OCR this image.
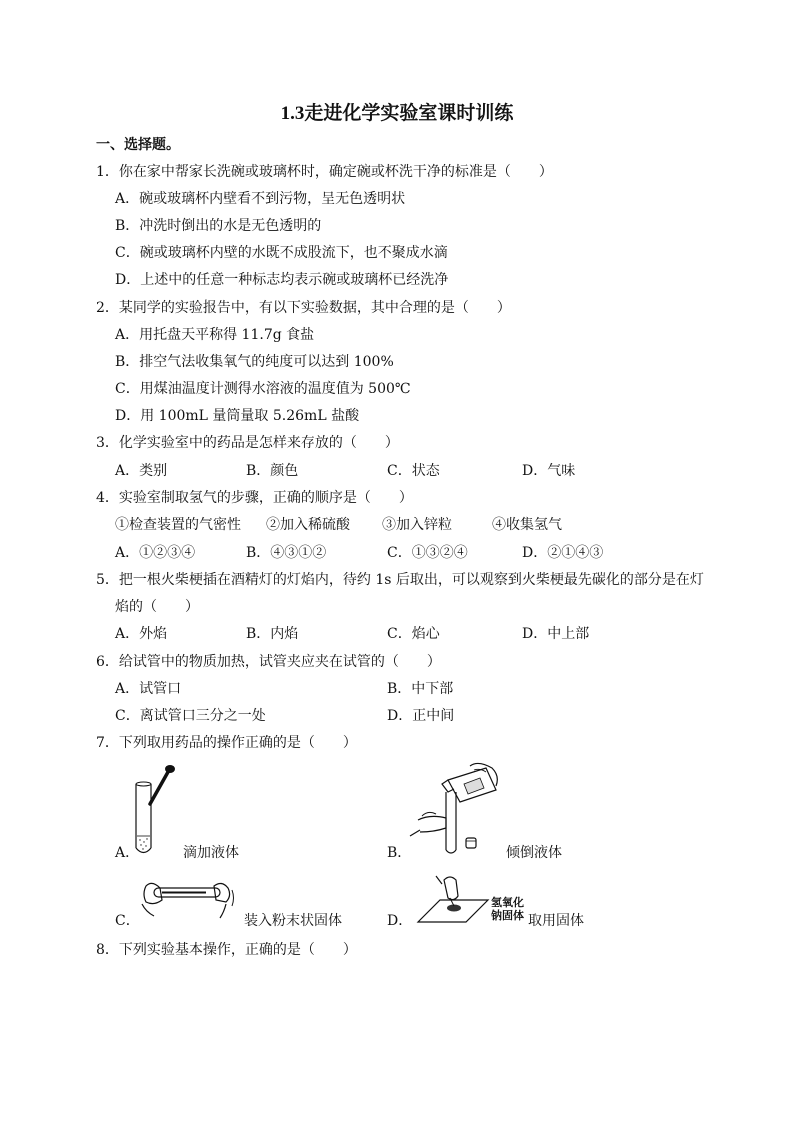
1.3走进化学实验室课时训练
一、选择题。
1．你在家中帮家长洗碗或玻璃杯时，确定碗或杯洗干净的标准是（　　）
A．碗或玻璃杯内壁看不到污物，呈无色透明状
B．冲洗时倒出的水是无色透明的
C．碗或玻璃杯内壁的水既不成股流下，也不聚成水滴
D．上述中的任意一种标志均表示碗或玻璃杯已经洗净
2．某同学的实验报告中，有以下实验数据，其中合理的是（　　）
A．用托盘天平称得 11.7g 食盐
B．排空气法收集氧气的纯度可以达到 100%
C．用煤油温度计测得水溶液的温度值为 500℃
D．用 100mL 量筒量取 5.26mL 盐酸
3．化学实验室中的药品是怎样来存放的（　　）
A．类别	B．颜色	C．状态	D．气味
4．实验室制取氢气的步骤，正确的顺序是（　　）
①检查装置的气密性 ②加入稀硫酸 ③加入锌粒	④收集氢气
A．①②③④	B．④③①②	C．①③②④	D．②①④③
5．把一根火柴梗插在酒精灯的灯焰内，待约 1s 后取出，可以观察到火柴梗最先碳化的部分是在灯
焰的（　　）
A．外焰	B．内焰	C．焰心	D．中上部
6．给试管中的物质加热，试管夹应夹在试管的（　　）
A．试管口	B．中下部
C．离试管口三分之一处	D．正中间
7．下列取用药品的操作正确的是（　　）
A．	滴加液体	B．	倾倒液体
C．	装入粉末状固体
氢氧化钠固体
D．	取用固体
8．下列实验基本操作，正确的是（　　）
